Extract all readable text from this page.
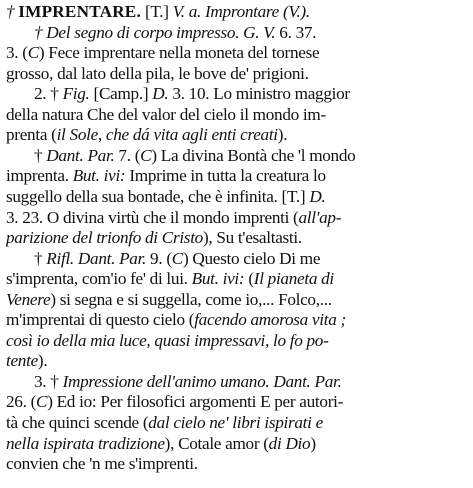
† IMPRENTARE. [T.] V. a. Improntare (V.).
† Del segno di corpo impresso. G. V. 6. 37.
3. (C) Fece imprentare nella moneta del tornese
grosso, dal lato della pila, le bove de' prigioni.
2. † Fig. [Camp.] D. 3. 10. Lo ministro maggior
della natura Che del valor del cielo il mondo im-
prenta (il Sole, che dá vita agli enti creati).
† Dant. Par. 7. (C) La divina Bontà che 'l mondo
imprenta. But. ivi: Imprime in tutta la creatura lo
suggello della sua bontade, che è infinita. [T.] D.
3. 23. O divina virtù che il mondo imprenti (all'ap-
parizione del trionfo di Cristo), Su t'esaltasti.
† Rifl. Dant. Par. 9. (C) Questo cielo Di me
s'imprenta, com'io fe' di lui. But. ivi: (Il pianeta di
Venere) si segna e si suggella, come io,... Folco,...
m'imprentai di questo cielo (facendo amorosa vita ;
così io della mia luce, quasi impressavi, lo fo po-
tente).
3. † Impressione dell'animo umano. Dant. Par.
26. (C) Ed io: Per filosofici argomenti E per autori-
tà che quinci scende (dal cielo ne' libri ispirati e
nella ispirata tradizione), Cotale amor (di Dio)
convien che 'n me s'imprenti.
